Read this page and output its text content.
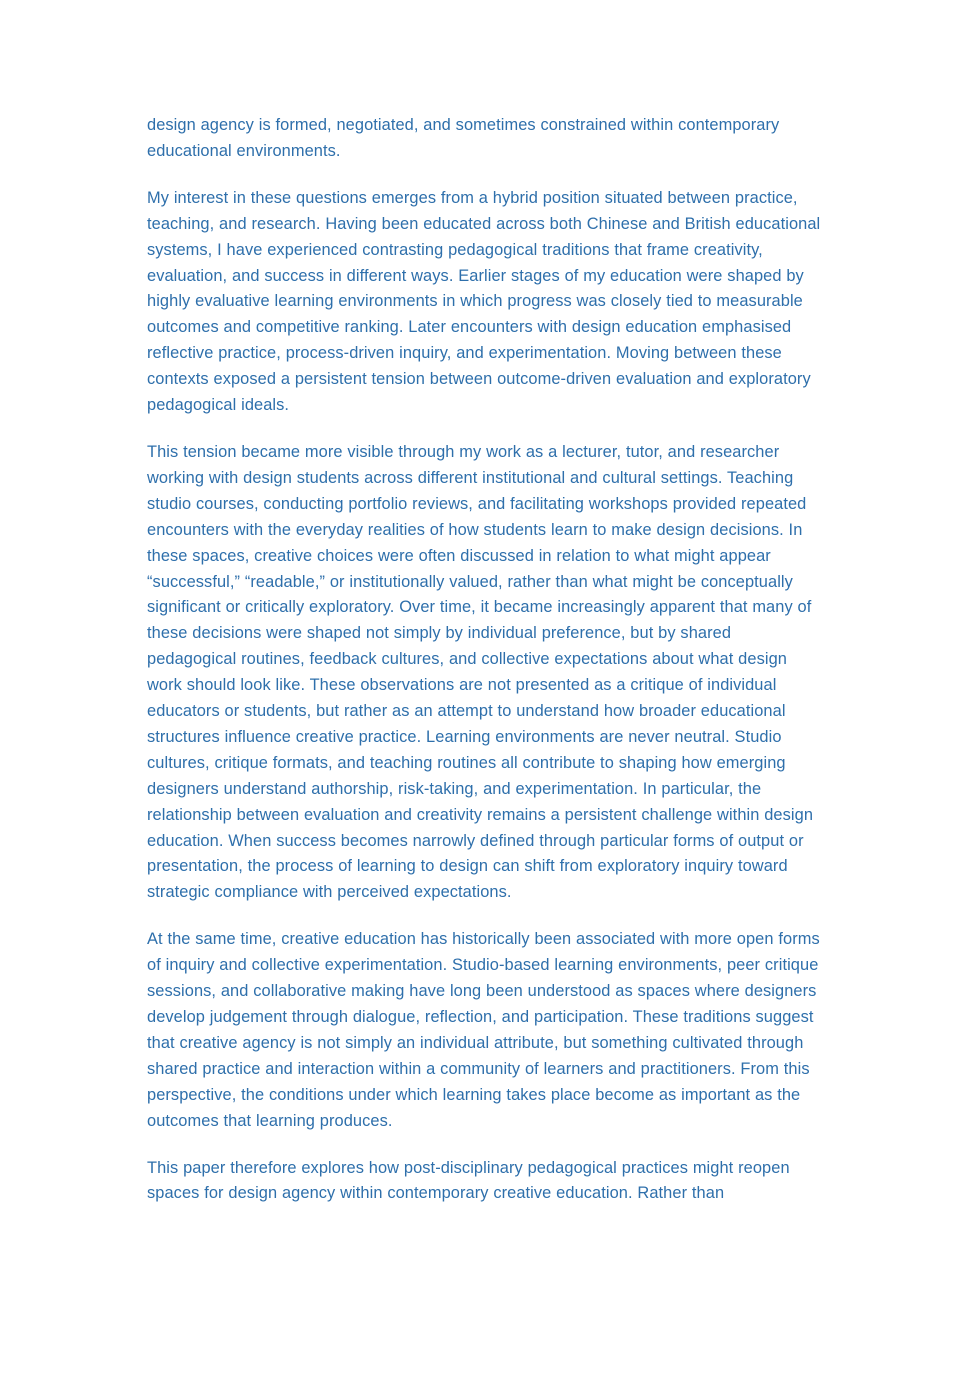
design agency is formed, negotiated, and sometimes constrained within contemporary educational environments.

My interest in these questions emerges from a hybrid position situated between practice, teaching, and research. Having been educated across both Chinese and British educational systems, I have experienced contrasting pedagogical traditions that frame creativity, evaluation, and success in different ways. Earlier stages of my education were shaped by highly evaluative learning environments in which progress was closely tied to measurable outcomes and competitive ranking. Later encounters with design education emphasised reflective practice, process-driven inquiry, and experimentation. Moving between these contexts exposed a persistent tension between outcome-driven evaluation and exploratory pedagogical ideals.

This tension became more visible through my work as a lecturer, tutor, and researcher working with design students across different institutional and cultural settings. Teaching studio courses, conducting portfolio reviews, and facilitating workshops provided repeated encounters with the everyday realities of how students learn to make design decisions. In these spaces, creative choices were often discussed in relation to what might appear “successful,” “readable,” or institutionally valued, rather than what might be conceptually significant or critically exploratory. Over time, it became increasingly apparent that many of these decisions were shaped not simply by individual preference, but by shared pedagogical routines, feedback cultures, and collective expectations about what design work should look like. These observations are not presented as a critique of individual educators or students, but rather as an attempt to understand how broader educational structures influence creative practice. Learning environments are never neutral. Studio cultures, critique formats, and teaching routines all contribute to shaping how emerging designers understand authorship, risk-taking, and experimentation. In particular, the relationship between evaluation and creativity remains a persistent challenge within design education. When success becomes narrowly defined through particular forms of output or presentation, the process of learning to design can shift from exploratory inquiry toward strategic compliance with perceived expectations.

At the same time, creative education has historically been associated with more open forms of inquiry and collective experimentation. Studio-based learning environments, peer critique sessions, and collaborative making have long been understood as spaces where designers develop judgement through dialogue, reflection, and participation. These traditions suggest that creative agency is not simply an individual attribute, but something cultivated through shared practice and interaction within a community of learners and practitioners. From this perspective, the conditions under which learning takes place become as important as the outcomes that learning produces.

This paper therefore explores how post-disciplinary pedagogical practices might reopen spaces for design agency within contemporary creative education. Rather than
